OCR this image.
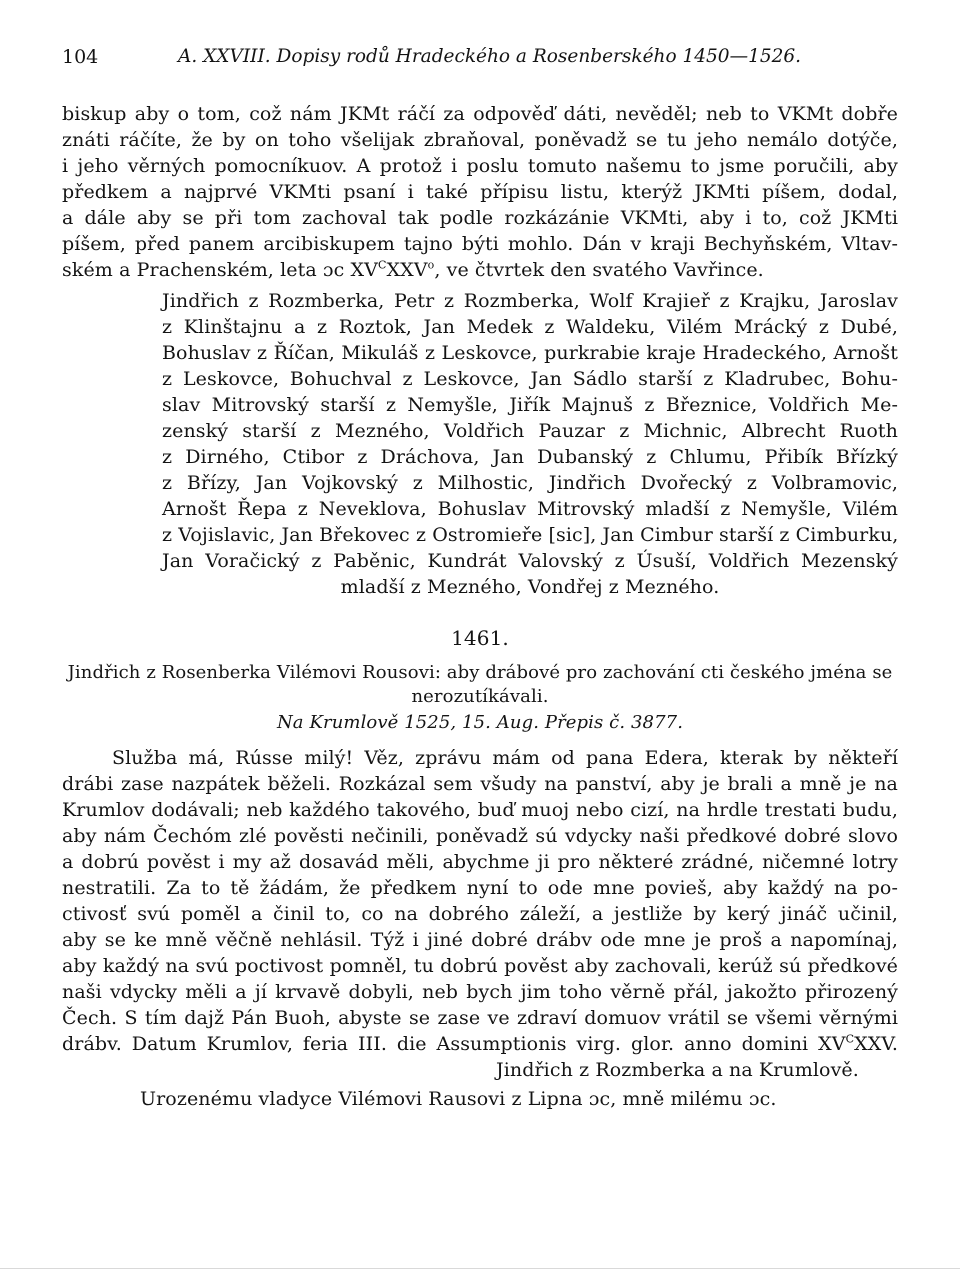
104	A. XXVIII. Dopisy rodů Hradeckého a Rosenberského 1450—1526.
biskup aby o tom, což nám JKMt ráčí za odpověď dáti, nevěděl; neb to VKMt dobře
znáti ráčíte, že by on toho všelijak zbraňoval, poněvadž se tu jeho nemálo dotýče,
i jeho věrných pomocníkuov. A protož i poslu tomuto našemu to jsme poručili, aby
předkem a najprvé VKMti psaní i také přípisu listu, kterýž JKMti píšem, dodal,
a dále aby se při tom zachoval tak podle rozkázánie VKMti, aby i to, což JKMti
píšem, před panem arcibiskupem tajno býti mohlo. Dán v kraji Bechyňském, Vltav-
ském a Prachenském, leta ɔc $XV^CXXV^o$, ve čtvrtek den svatého Vavřince.
Jindřich z Rozmberka, Petr z Rozmberka, Wolf Krajieř z Krajku, Jaroslav
z Klinštajnu a z Roztok, Jan Medek z Waldeku, Vilém Mrácký z Dubé,
Bohuslav z Říčan, Mikuláš z Leskovce, purkrabie kraje Hradeckého, Arnošt
z Leskovce, Bohuchval z Leskovce, Jan Sádlo starší z Kladrubec, Bohu-
slav Mitrovský starší z Nemyšle, Jiřík Majnuš z Březnice, Voldřich Me-
zenský starší z Mezného, Voldřich Pauzar z Michnic, Albrecht Ruoth
z Dirného, Ctibor z Dráchova, Jan Dubanský z Chlumu, Přibík Břízký
z Břízy, Jan Vojkovský z Milhostic, Jindřich Dvořecký z Volbramovic,
Arnošt Řepa z Neveklova, Bohuslav Mitrovský mladší z Nemyšle, Vilém
z Vojislavic, Jan Břekovec z Ostromieře [sic], Jan Cimbur starší z Cimburku,
Jan Voračický z Paběnic, Kundrát Valovský z Úsuší, Voldřich Mezenský
mladší z Mezného, Vondřej z Mezného.
1461.
Jindřich z Rosenberka Vilémovi Rousovi: aby drábové pro zachování cti českého jména se
nerozutíkávali.
Na Krumlově 1525, 15. Aug. Přepis č. 3877.
Služba má, Rússe milý! Věz, zprávu mám od pana Edera, kterak by někteří
drábi zase nazpátek běželi. Rozkázal sem všudy na panství, aby je brali a mně je na
Krumlov dodávali; neb každého takového, buď muoj nebo cizí, na hrdle trestati budu,
aby nám Čechóm zlé pověsti nečinili, poněvadž sú vdycky naši předkové dobré slovo
a dobrú pověst i my až dosavád měli, abychme ji pro některé zrádné, ničemné lotry
nestratili. Za to tě žádám, že předkem nyní to ode mne povieš, aby každý na po-
ctivosť svú poměl a činil to, co na dobrého záleží, a jestliže by kerý jináč učinil,
aby se ke mně věčně nehlásil. Týž i jiné dobré drábv ode mne je proš a napomínaj,
aby každý na svú poctivost pomněl, tu dobrú pověst aby zachovali, kerúž sú předkové
naši vdycky měli a jí krvavě dobyli, neb bych jim toho věrně přál, jakožto přirozený
Čech. S tím dajž Pán Buoh, abyste se zase ve zdraví domuov vrátil se všemi věrnými
drábv. Datum Krumlov, feria III. die Assumptionis virg. glor. anno domini $XV^CXXV$.
Jindřich z Rozmberka a na Krumlově.
Urozenému vladyce Vilémovi Rausovi z Lipna ɔc, mně milému ɔc.
